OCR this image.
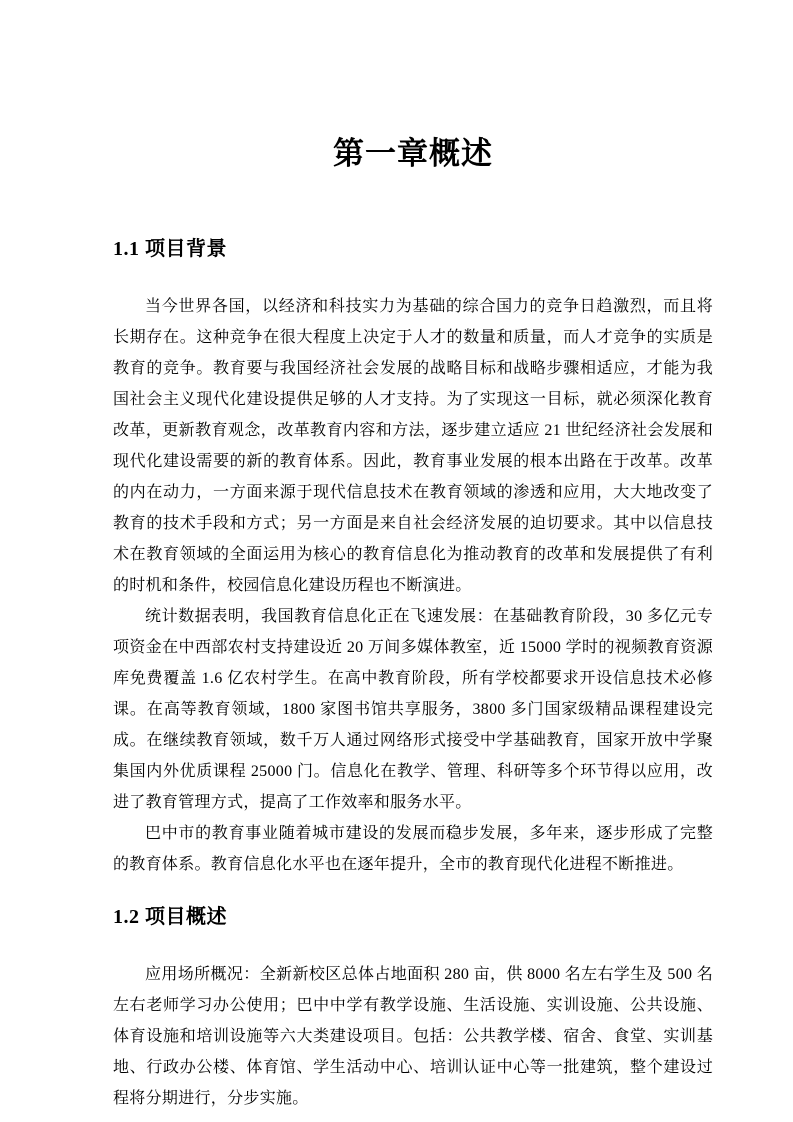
第一章概述
1.1 项目背景

当今世界各国，以经济和科技实力为基础的综合国力的竞争日趋激烈，而且将长期存在。这种竞争在很大程度上决定于人才的数量和质量，而人才竞争的实质是教育的竞争。教育要与我国经济社会发展的战略目标和战略步骤相适应，才能为我国社会主义现代化建设提供足够的人才支持。为了实现这一目标，就必须深化教育改革，更新教育观念，改革教育内容和方法，逐步建立适应 21 世纪经济社会发展和现代化建设需要的新的教育体系。因此，教育事业发展的根本出路在于改革。改革的内在动力，一方面来源于现代信息技术在教育领域的渗透和应用，大大地改变了教育的技术手段和方式；另一方面是来自社会经济发展的迫切要求。其中以信息技术在教育领域的全面运用为核心的教育信息化为推动教育的改革和发展提供了有利的时机和条件，校园信息化建设历程也不断演进。

统计数据表明，我国教育信息化正在飞速发展：在基础教育阶段，30 多亿元专项资金在中西部农村支持建设近 20 万间多媒体教室，近 15000 学时的视频教育资源库免费覆盖 1.6 亿农村学生。在高中教育阶段，所有学校都要求开设信息技术必修课。在高等教育领域，1800 家图书馆共享服务，3800 多门国家级精品课程建设完成。在继续教育领域，数千万人通过网络形式接受中学基础教育，国家开放中学聚集国内外优质课程 25000 门。信息化在教学、管理、科研等多个环节得以应用，改进了教育管理方式，提高了工作效率和服务水平。

巴中市的教育事业随着城市建设的发展而稳步发展，多年来，逐步形成了完整的教育体系。教育信息化水平也在逐年提升，全市的教育现代化进程不断推进。

1.2 项目概述

应用场所概况：全新新校区总体占地面积 280 亩，供 8000 名左右学生及 500 名左右老师学习办公使用；巴中中学有教学设施、生活设施、实训设施、公共设施、体育设施和培训设施等六大类建设项目。包括：公共教学楼、宿舍、食堂、实训基地、行政办公楼、体育馆、学生活动中心、培训认证中心等一批建筑，整个建设过程将分期进行，分步实施。
